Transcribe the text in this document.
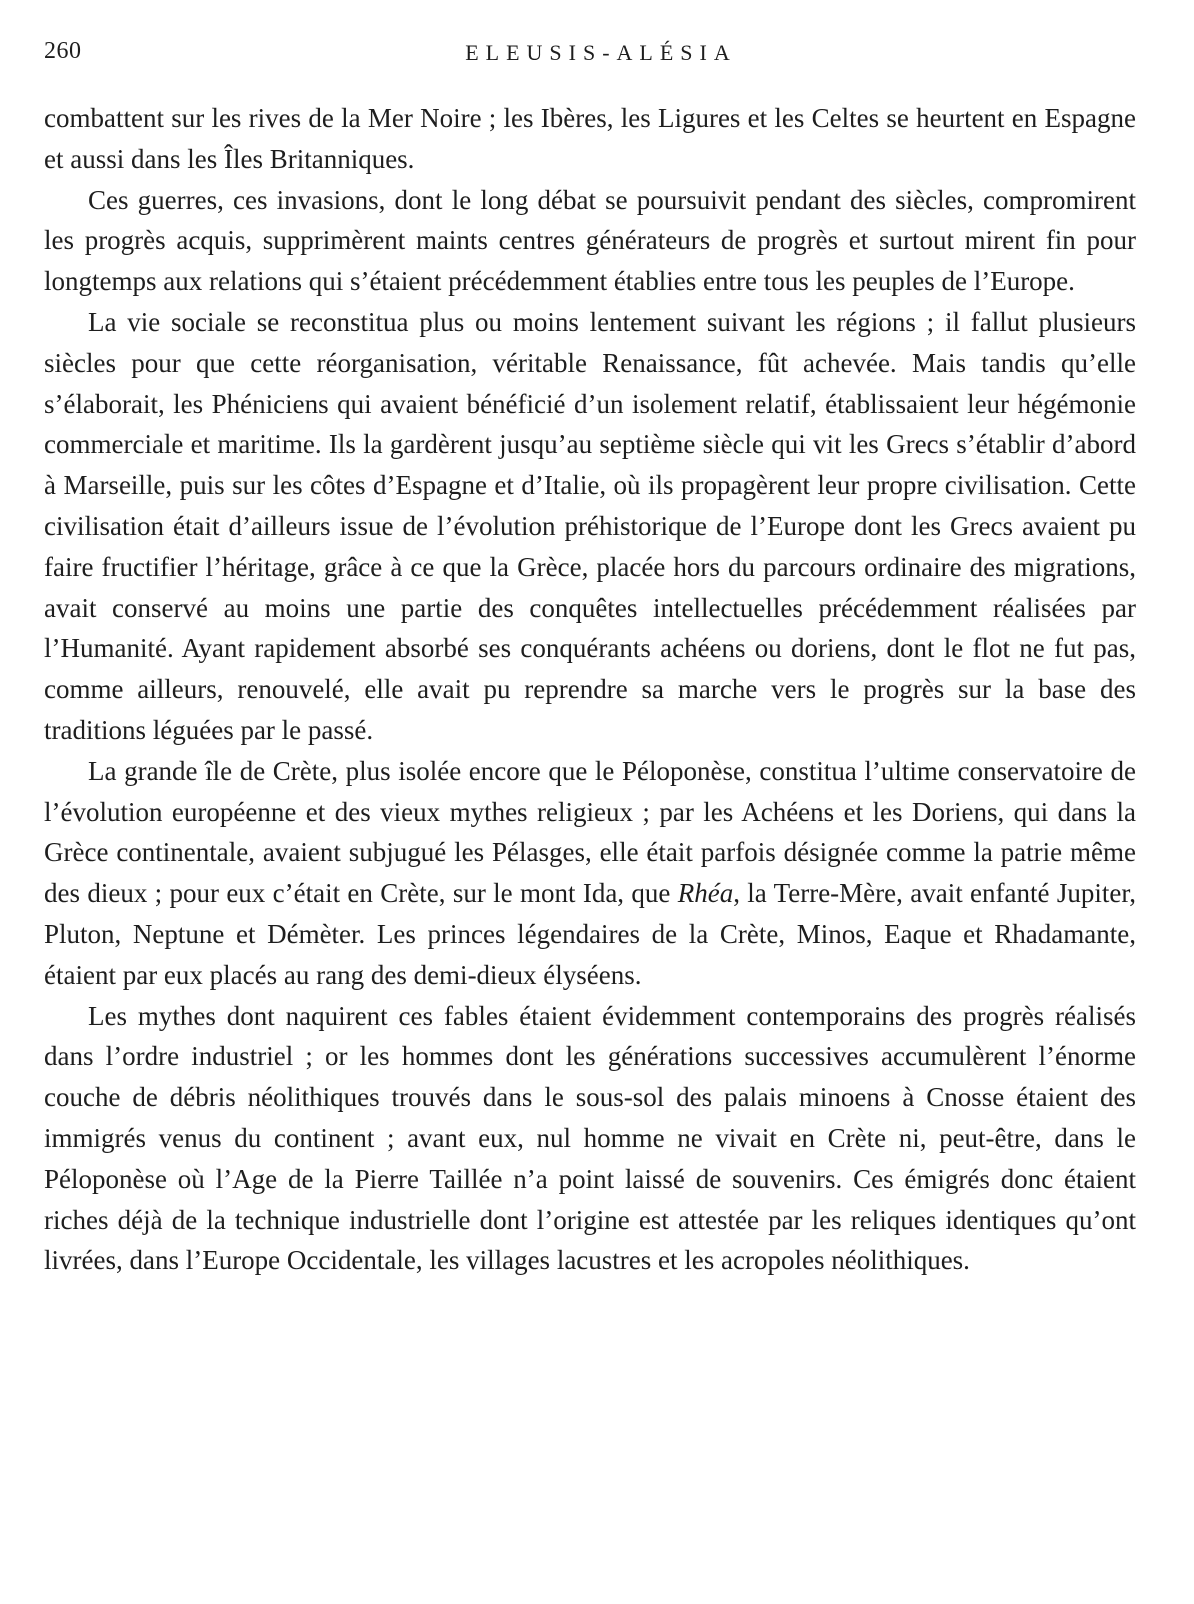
260	ELEUSIS-ALÉSIA

combattent sur les rives de la Mer Noire ; les Ibères, les Ligures et les Celtes se heurtent en Espagne et aussi dans les Îles Britanniques.

Ces guerres, ces invasions, dont le long débat se poursuivit pendant des siècles, compromirent les progrès acquis, supprimèrent maints centres générateurs de progrès et surtout mirent fin pour longtemps aux relations qui s’étaient précédemment établies entre tous les peuples de l’Europe.

La vie sociale se reconstitua plus ou moins lentement suivant les régions ; il fallut plusieurs siècles pour que cette réorganisation, véritable Renaissance, fût achevée. Mais tandis qu’elle s’élaborait, les Phéniciens qui avaient bénéficié d’un isolement relatif, établissaient leur hégémonie commerciale et maritime. Ils la gardèrent jusqu’au septième siècle qui vit les Grecs s’établir d’abord à Marseille, puis sur les côtes d’Espagne et d’Italie, où ils propagèrent leur propre civilisation. Cette civilisation était d’ailleurs issue de l’évolution préhistorique de l’Europe dont les Grecs avaient pu faire fructifier l’héritage, grâce à ce que la Grèce, placée hors du parcours ordinaire des migrations, avait conservé au moins une partie des conquêtes intellectuelles précédemment réalisées par l’Humanité. Ayant rapidement absorbé ses conquérants achéens ou doriens, dont le flot ne fut pas, comme ailleurs, renouvelé, elle avait pu reprendre sa marche vers le progrès sur la base des traditions léguées par le passé.

La grande île de Crète, plus isolée encore que le Péloponèse, constitua l’ultime conservatoire de l’évolution européenne et des vieux mythes religieux ; par les Achéens et les Doriens, qui dans la Grèce continentale, avaient subjugué les Pélasges, elle était parfois désignée comme la patrie même des dieux ; pour eux c’était en Crète, sur le mont Ida, que Rhéa, la Terre-Mère, avait enfanté Jupiter, Pluton, Neptune et Démèter. Les princes légendaires de la Crète, Minos, Eaque et Rhadamante, étaient par eux placés au rang des demi-dieux élyséens.

Les mythes dont naquirent ces fables étaient évidemment contemporains des progrès réalisés dans l’ordre industriel ; or les hommes dont les générations successives accumulèrent l’énorme couche de débris néolithiques trouvés dans le sous-sol des palais minoens à Cnosse étaient des immigrés venus du continent ; avant eux, nul homme ne vivait en Crète ni, peut-être, dans le Péloponèse où l’Age de la Pierre Taillée n’a point laissé de souvenirs. Ces émigrés donc étaient riches déjà de la technique industrielle dont l’origine est attestée par les reliques identiques qu’ont livrées, dans l’Europe Occidentale, les villages lacustres et les acropoles néolithiques.
